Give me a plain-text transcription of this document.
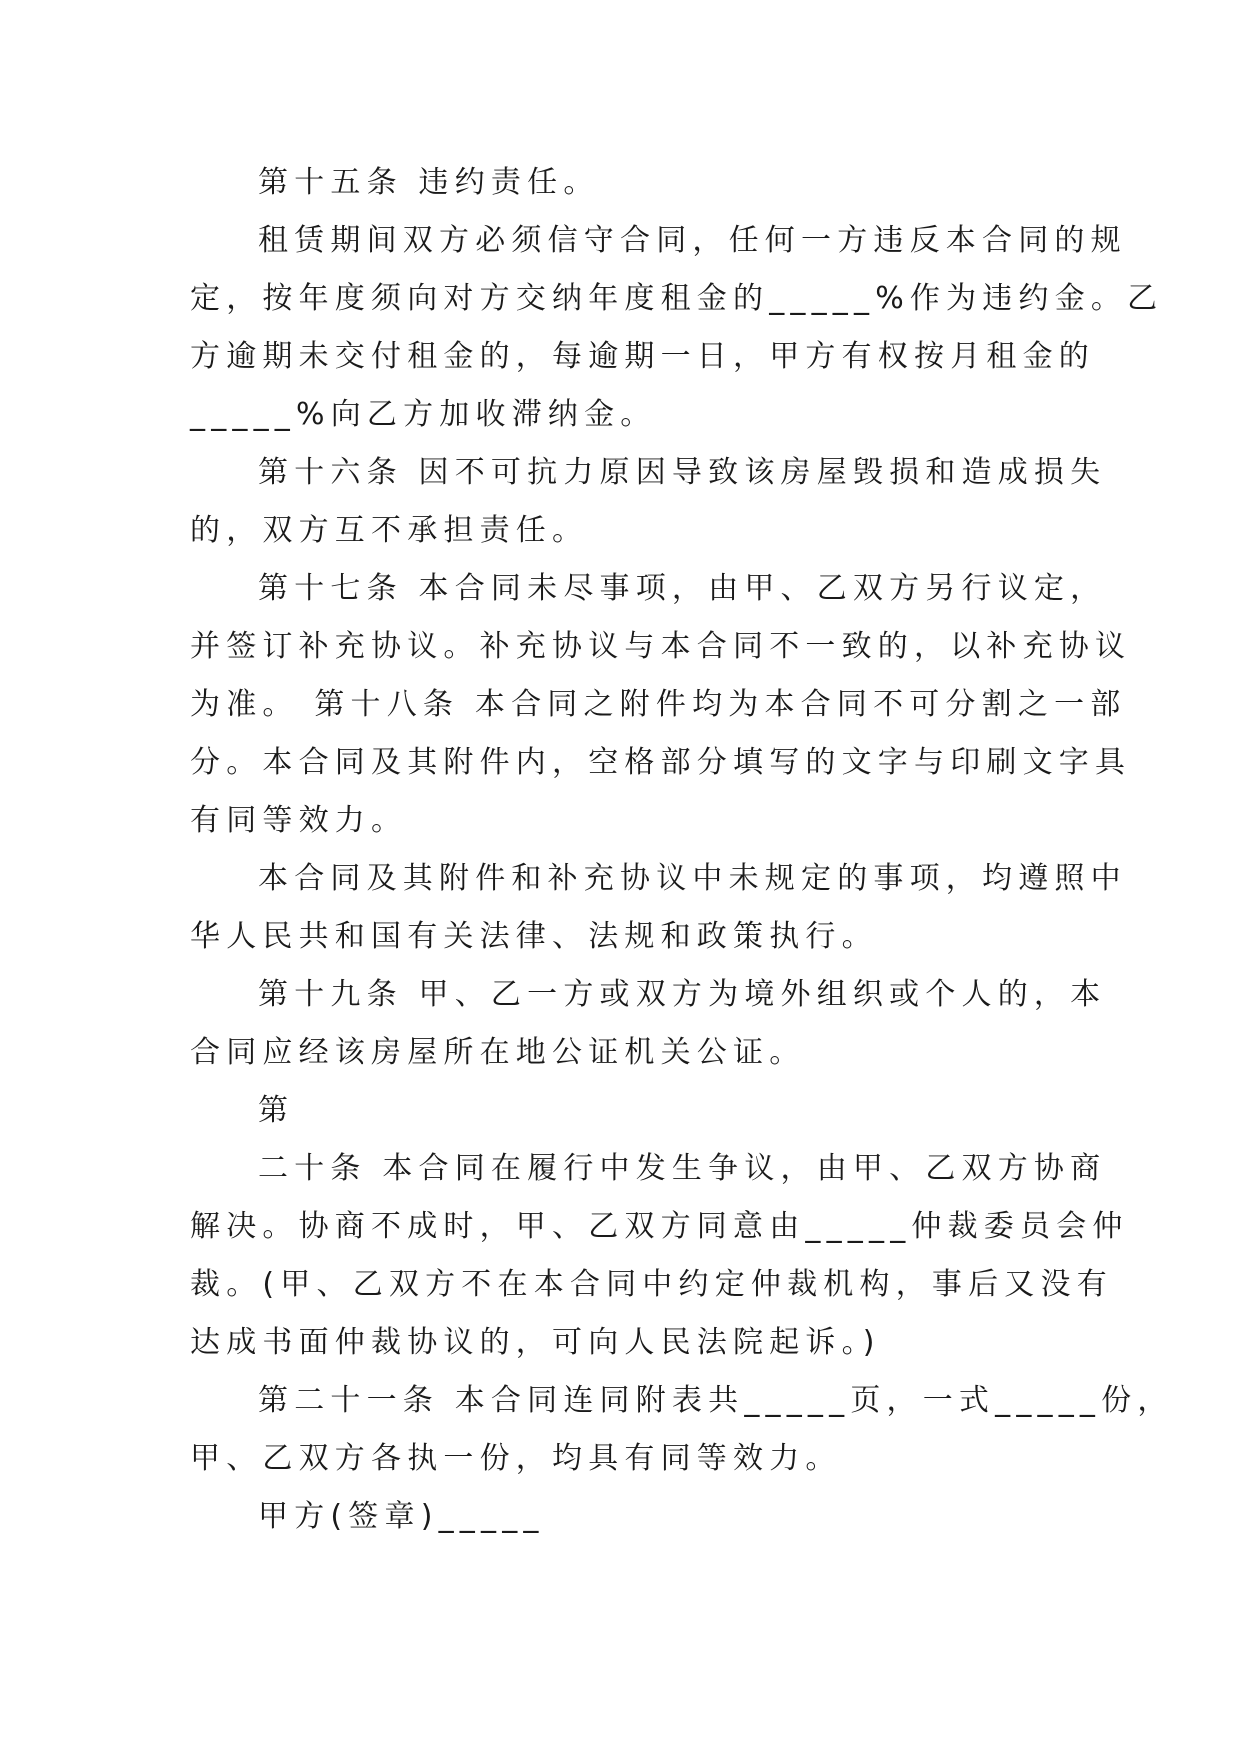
第十五条 违约责任。
租赁期间双方必须信守合同，任何一方违反本合同的规
定，按年度须向对方交纳年度租金的_____%作为违约金。乙
方逾期未交付租金的，每逾期一日，甲方有权按月租金的
_____%向乙方加收滞纳金。
第十六条 因不可抗力原因导致该房屋毁损和造成损失
的，双方互不承担责任。
第十七条 本合同未尽事项，由甲、乙双方另行议定，
并签订补充协议。补充协议与本合同不一致的，以补充协议
为准。 第十八条 本合同之附件均为本合同不可分割之一部
分。本合同及其附件内，空格部分填写的文字与印刷文字具
有同等效力。
本合同及其附件和补充协议中未规定的事项，均遵照中
华人民共和国有关法律、法规和政策执行。
第十九条 甲、乙一方或双方为境外组织或个人的，本
合同应经该房屋所在地公证机关公证。
第
二十条 本合同在履行中发生争议，由甲、乙双方协商
解决。协商不成时，甲、乙双方同意由_____仲裁委员会仲
裁。(甲、乙双方不在本合同中约定仲裁机构，事后又没有
达成书面仲裁协议的，可向人民法院起诉。)
第二十一条 本合同连同附表共_____页，一式_____份，
甲、乙双方各执一份，均具有同等效力。
甲方(签章)_____
